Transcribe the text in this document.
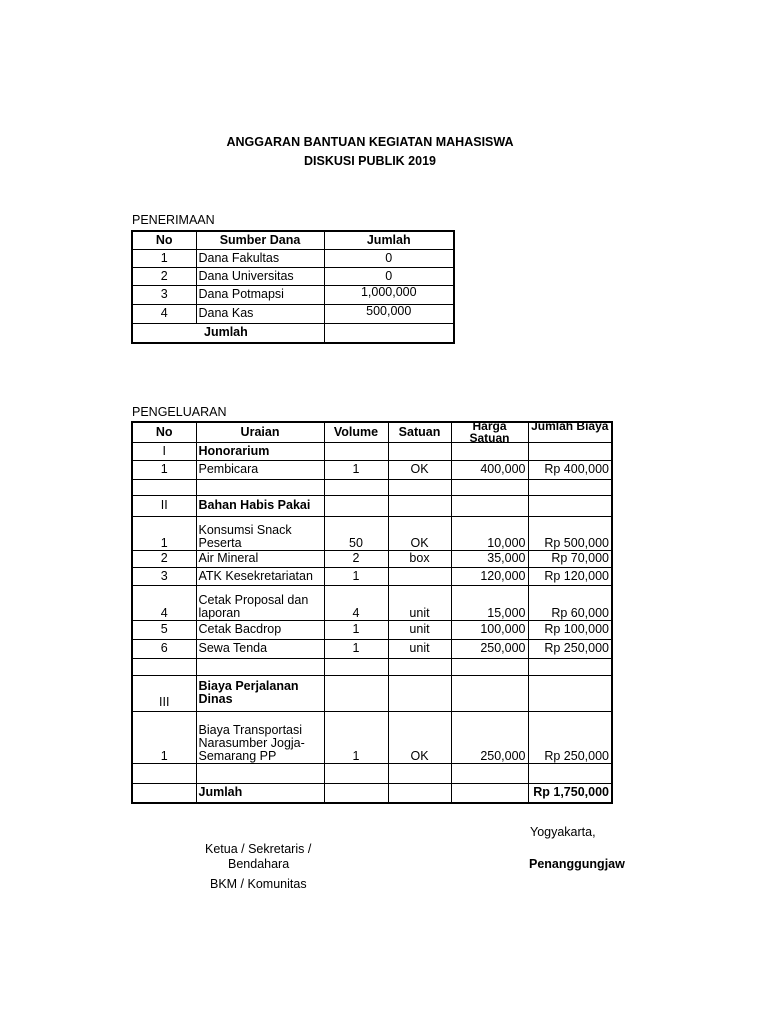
ANGGARAN BANTUAN KEGIATAN MAHASISWA
DISKUSI PUBLIK 2019
PENERIMAAN
No	Sumber Dana	Jumlah
1	Dana Fakultas	0
2	Dana Universitas	0
3	Dana Potmapsi	1,000,000
4	Dana Kas	500,000
	Jumlah	
PENGELUARAN
No	Uraian	Volume	Satuan	Harga Satuan	Jumlah Biaya

I	Honorarium				
1	Pembicara	1	OK	400,000	Rp 400,000

II	Bahan Habis Pakai				
1	Konsumsi Snack Peserta	50	OK	10,000	Rp 500,000
2	Air Mineral	2	box	35,000	Rp 70,000
3	ATK Kesekretariatan	1		120,000	Rp 120,000
4	Cetak Proposal dan laporan	4	unit	15,000	Rp 60,000
5	Cetak Bacdrop	1	unit	100,000	Rp 100,000
6	Sewa Tenda	1	unit	250,000	Rp 250,000

III	Biaya Perjalanan Dinas				
1	Biaya Transportasi Narasumber Jogja-Semarang PP	1	OK	250,000	Rp 250,000

	Jumlah				Rp 1,750,000
Yogyakarta,
Ketua / Sekretaris /
Bendahara
BKM / Komunitas
Penanggungjaw
